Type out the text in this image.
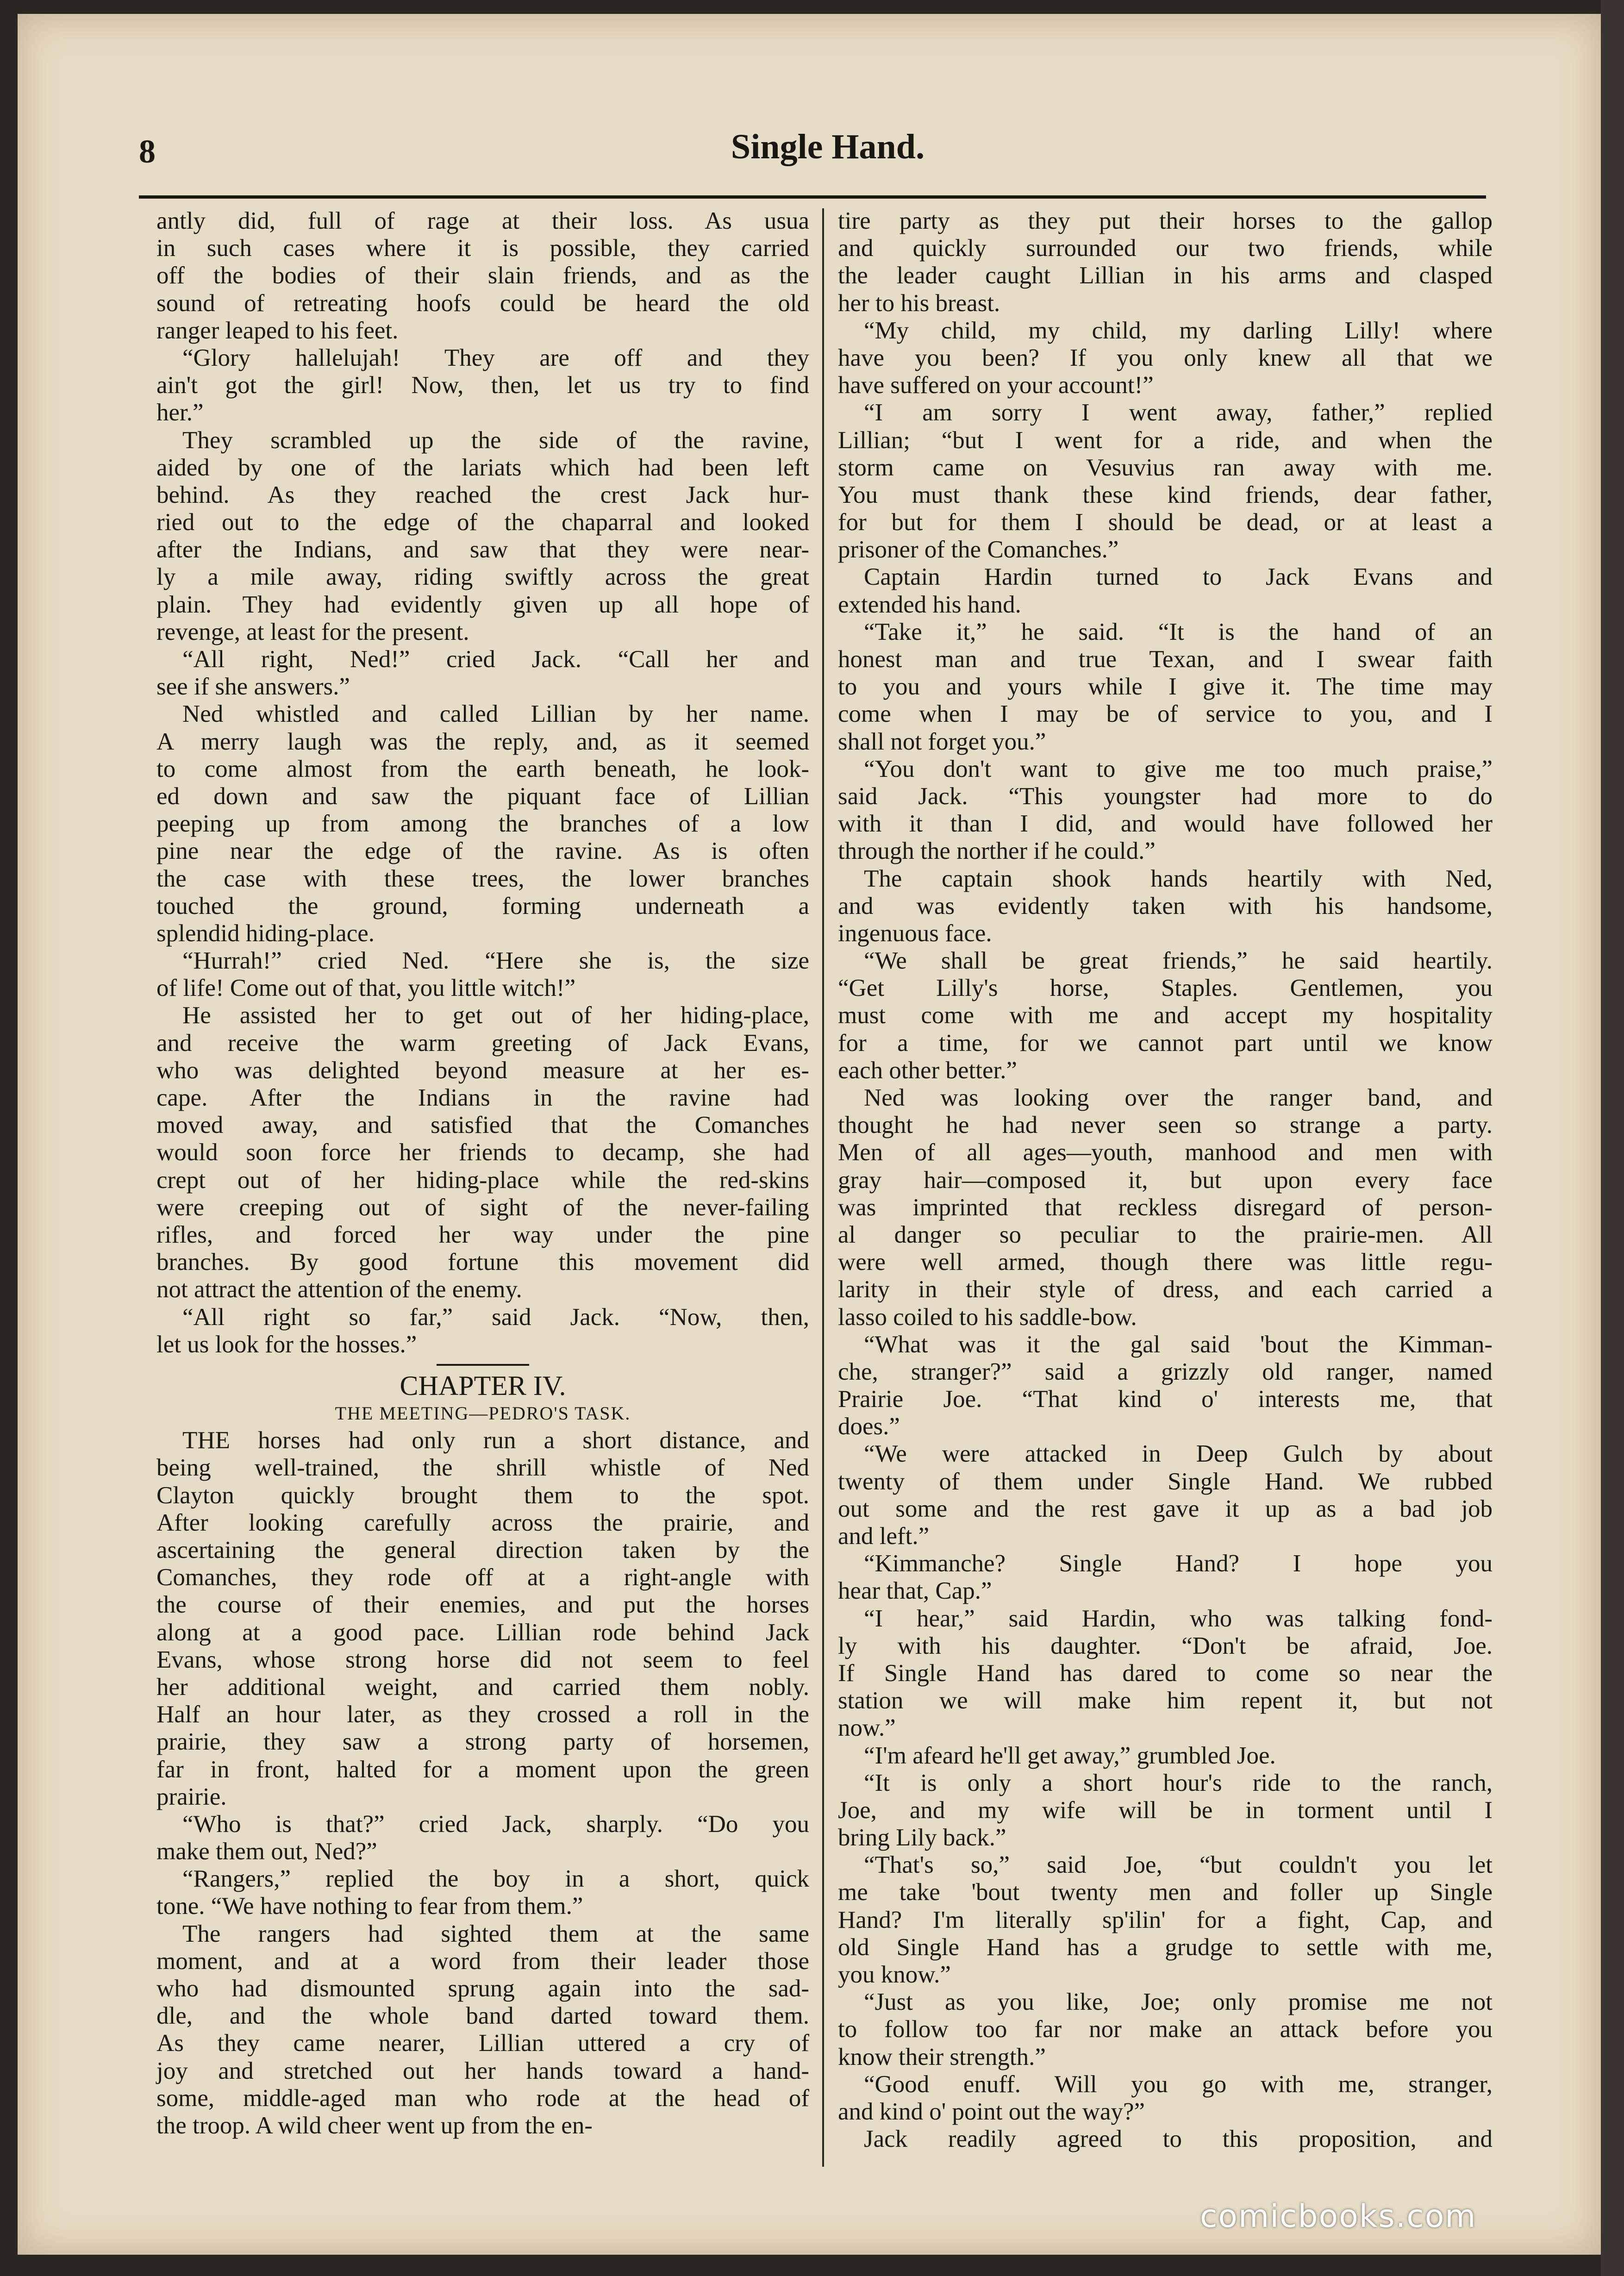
8	Single Hand.
antly did, full of rage at their loss. As usua
in such cases where it is possible, they carried
off the bodies of their slain friends, and as the
sound of retreating hoofs could be heard the old
ranger leaped to his feet.
“Glory hallelujah! They are off and they
ain't got the girl! Now, then, let us try to find
her.”
They scrambled up the side of the ravine,
aided by one of the lariats which had been left
behind. As they reached the crest Jack hur-
ried out to the edge of the chaparral and looked
after the Indians, and saw that they were near-
ly a mile away, riding swiftly across the great
plain. They had evidently given up all hope of
revenge, at least for the present.
“All right, Ned!” cried Jack. “Call her and
see if she answers.”
Ned whistled and called Lillian by her name.
A merry laugh was the reply, and, as it seemed
to come almost from the earth beneath, he look-
ed down and saw the piquant face of Lillian
peeping up from among the branches of a low
pine near the edge of the ravine. As is often
the case with these trees, the lower branches
touched the ground, forming underneath a
splendid hiding-place.
“Hurrah!” cried Ned. “Here she is, the size
of life! Come out of that, you little witch!”
He assisted her to get out of her hiding-place,
and receive the warm greeting of Jack Evans,
who was delighted beyond measure at her es-
cape. After the Indians in the ravine had
moved away, and satisfied that the Comanches
would soon force her friends to decamp, she had
crept out of her hiding-place while the red-skins
were creeping out of sight of the never-failing
rifles, and forced her way under the pine
branches. By good fortune this movement did
not attract the attention of the enemy.
“All right so far,” said Jack. “Now, then,
let us look for the hosses.”
CHAPTER IV.
THE MEETING—PEDRO'S TASK.
THE horses had only run a short distance, and
being well-trained, the shrill whistle of Ned
Clayton quickly brought them to the spot.
After looking carefully across the prairie, and
ascertaining the general direction taken by the
Comanches, they rode off at a right-angle with
the course of their enemies, and put the horses
along at a good pace. Lillian rode behind Jack
Evans, whose strong horse did not seem to feel
her additional weight, and carried them nobly.
Half an hour later, as they crossed a roll in the
prairie, they saw a strong party of horsemen,
far in front, halted for a moment upon the green
prairie.
“Who is that?” cried Jack, sharply. “Do you
make them out, Ned?”
“Rangers,” replied the boy in a short, quick
tone. “We have nothing to fear from them.”
The rangers had sighted them at the same
moment, and at a word from their leader those
who had dismounted sprung again into the sad-
dle, and the whole band darted toward them.
As they came nearer, Lillian uttered a cry of
joy and stretched out her hands toward a hand-
some, middle-aged man who rode at the head of
the troop. A wild cheer went up from the en-
tire party as they put their horses to the gallop
and quickly surrounded our two friends, while
the leader caught Lillian in his arms and clasped
her to his breast.
“My child, my child, my darling Lilly! where
have you been? If you only knew all that we
have suffered on your account!”
“I am sorry I went away, father,” replied
Lillian; “but I went for a ride, and when the
storm came on Vesuvius ran away with me.
You must thank these kind friends, dear father,
for but for them I should be dead, or at least a
prisoner of the Comanches.”
Captain Hardin turned to Jack Evans and
extended his hand.
“Take it,” he said. “It is the hand of an
honest man and true Texan, and I swear faith
to you and yours while I give it. The time may
come when I may be of service to you, and I
shall not forget you.”
“You don't want to give me too much praise,”
said Jack. “This youngster had more to do
with it than I did, and would have followed her
through the norther if he could.”
The captain shook hands heartily with Ned,
and was evidently taken with his handsome,
ingenuous face.
“We shall be great friends,” he said heartily.
“Get Lilly's horse, Staples. Gentlemen, you
must come with me and accept my hospitality
for a time, for we cannot part until we know
each other better.”
Ned was looking over the ranger band, and
thought he had never seen so strange a party.
Men of all ages—youth, manhood and men with
gray hair—composed it, but upon every face
was imprinted that reckless disregard of person-
al danger so peculiar to the prairie-men. All
were well armed, though there was little regu-
larity in their style of dress, and each carried a
lasso coiled to his saddle-bow.
“What was it the gal said 'bout the Kimman-
che, stranger?” said a grizzly old ranger, named
Prairie Joe. “That kind o' interests me, that
does.”
“We were attacked in Deep Gulch by about
twenty of them under Single Hand. We rubbed
out some and the rest gave it up as a bad job
and left.”
“Kimmanche? Single Hand? I hope you
hear that, Cap.”
“I hear,” said Hardin, who was talking fond-
ly with his daughter. “Don't be afraid, Joe.
If Single Hand has dared to come so near the
station we will make him repent it, but not
now.”
“I'm afeard he'll get away,” grumbled Joe.
“It is only a short hour's ride to the ranch,
Joe, and my wife will be in torment until I
bring Lily back.”
“That's so,” said Joe, “but couldn't you let
me take 'bout twenty men and foller up Single
Hand? I'm literally sp'ilin' for a fight, Cap, and
old Single Hand has a grudge to settle with me,
you know.”
“Just as you like, Joe; only promise me not
to follow too far nor make an attack before you
know their strength.”
“Good enuff. Will you go with me, stranger,
and kind o' point out the way?”
Jack readily agreed to this proposition, and
comicbooks.com
